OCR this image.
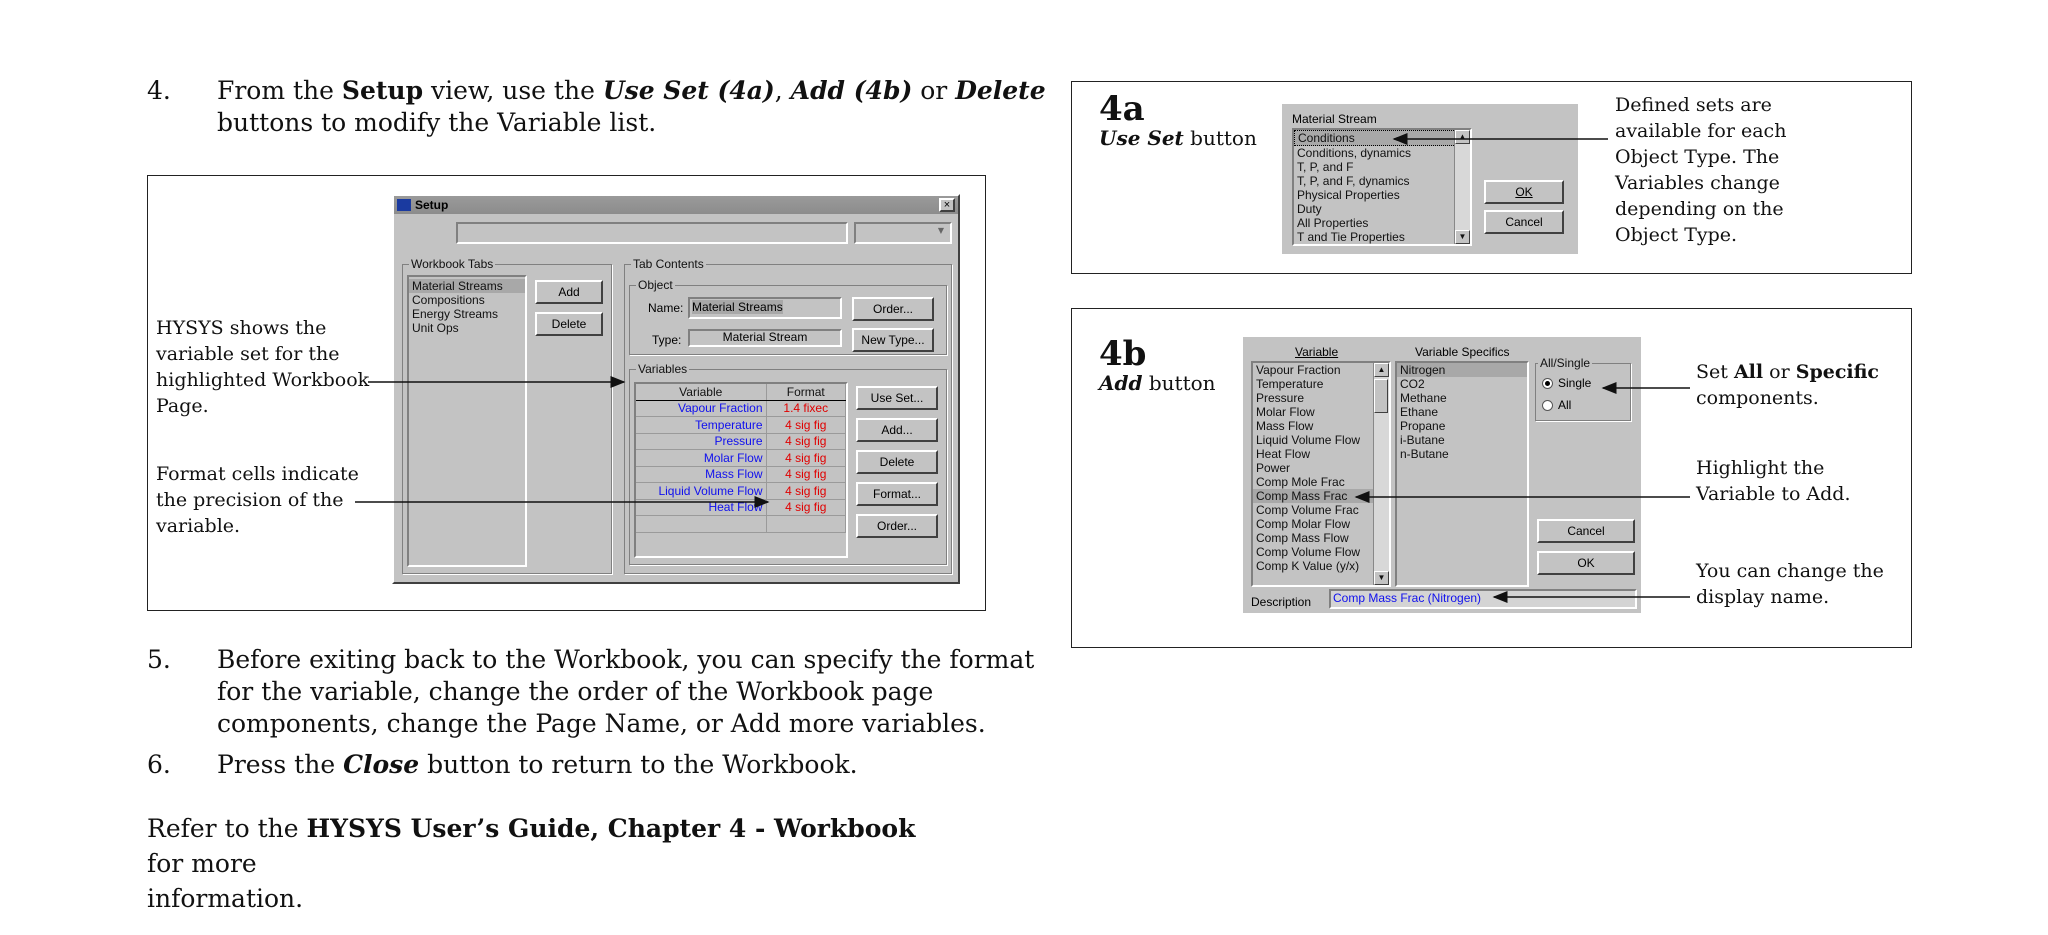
4.	From the Setup view, use the Use Set (4a), Add (4b) or Delete
buttons to modify the Variable list.
HYSYS shows the
variable set for the
highlighted Workbook
Page.
Format cells indicate
the precision of the
variable.
Setup	×
▼
Workbook Tabs
Material Streams
Compositions
Energy Streams
Unit Ops
Add
Delete
Tab Contents
Object
Name: Material Streams
Type:	Material Stream
Order...
New Type...
Variables
Variable	Format
Vapour Fraction	1.4 fixec
Temperature	4 sig fig
Pressure	4 sig fig
Molar Flow	4 sig fig
Mass Flow	4 sig fig
Liquid Volume Flow	4 sig fig
Heat Flow	4 sig fig

Use Set...
Add...
Delete
Format...
Order...
5.	Before exiting back to the Workbook, you can specify the format
for the variable, change the order of the Workbook page
components, change the Page Name, or Add more variables.
6.	Press the Close button to return to the Workbook.
Refer to the HYSYS User’s Guide, Chapter 4 - Workbook for more
information.
4a
Use Set button
Material Stream
Conditions
Conditions, dynamics
T, P, and F
T, P, and F, dynamics
Physical Properties
Duty
All Properties
T and Tie Properties
▲
▼
OK
Cancel
Defined sets are
available for each
Object Type. The
Variables change
depending on the
Object Type.
4b
Add button
Variable	Variable Specifics
Vapour Fraction
Temperature
Pressure
Molar Flow
Mass Flow
Liquid Volume Flow
Heat Flow
Power
Comp Mole Frac
Comp Mass Frac
Comp Volume Frac
Comp Molar Flow
Comp Mass Flow
Comp Volume Flow
Comp K Value (y/x)
▲
▼
Nitrogen
CO2
Methane
Ethane
Propane
i-Butane
n-Butane
All/Single
Single
All
Cancel
OK
Description	Comp Mass Frac (Nitrogen)
Set All or Specific
components.
Highlight the
Variable to Add.
You can change the
display name.
